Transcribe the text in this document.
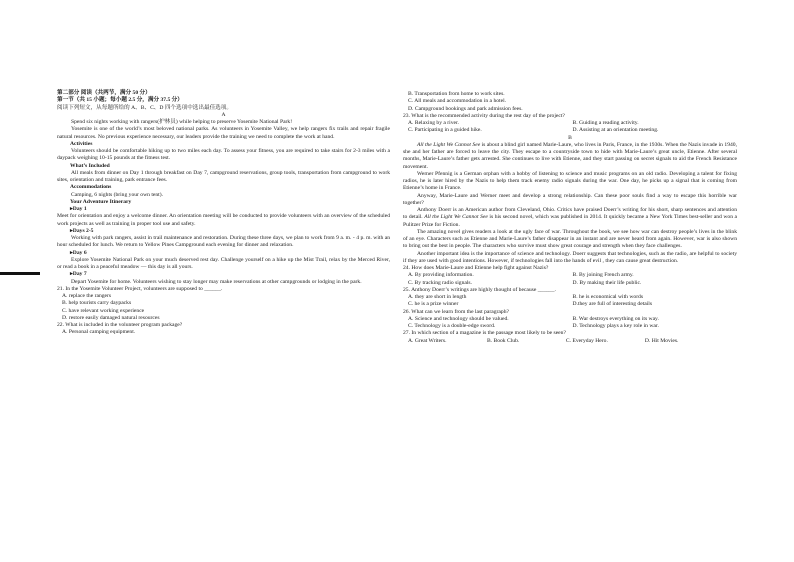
第二部分 阅读（共两节，满分 50 分）

第一节（共 15 小题；每小题 2.5 分，满分 37.5 分）

阅读下列短文，从每题所给的 A、B、C、D 四个选项中选出最佳选项。

A

Spend six nights working with rangers(护林员) while helping to preserve Yosemite National Park!

Yosemite is one of the world’s most beloved national parks. As volunteers in Yosemite Valley, we help rangers fix trails and repair fragile natural resources. No previous experience necessary, our leaders provide the training we need to complete the work at hand.

Activities

Volunteers should be comfortable hiking up to two miles each day. To assess your fitness, you are required to take stairs for 2-3 miles with a daypack weighing 10-15 pounds at the fitness test.

What’s Included

All meals from dinner on Day 1 through breakfast on Day 7, campground reservations, group tools, transportation from campground to work sites, orientation and training, park entrance fees.

Accommodations

Camping, 6 nights (bring your own tent).

Your Adventure Itinerary

▸Day 1

Meet for orientation and enjoy a welcome dinner. An orientation meeting will be conducted to provide volunteers with an overview of the scheduled work projects as well as training in proper tool use and safety.

▸Days 2-5

Working with park rangers, assist in trail maintenance and restoration. During these three days, we plan to work from 9 a. m. - 4 p. m. with an hour scheduled for lunch. We return to Yellow Pines Campground each evening for dinner and relaxation.

▸Day 6

Explore Yosemite National Park on your much deserved rest day. Challenge yourself on a hike up the Mist Trail, relax by the Merced River, or read a book in a peaceful meadow — this day is all yours.

▸Day 7

Depart Yosemite for home. Volunteers wishing to stay longer may make reservations at other campgrounds or lodging in the park.

21. In the Yosemite Volunteer Project, volunteers are supposed to ______.

A. replace the rangers

B. help tourists carry daypacks

C. have relevant working experience

D. restore easily damaged natural resources

22. What is included in the volunteer program package?

A. Personal camping equipment.

B. Transportation from home to work sites.

C. All meals and accommodation in a hotel.

D. Campground bookings and park admission fees.

23. What is the recommended activity during the rest day of the project?

A. Relaxing by a river.	B. Guiding a reading activity.
C. Participating in a guided hike.	D. Assisting at an orientation meeting.

B

All the Light We Cannot See is about a blind girl named Marie-Laure, who lives in Paris, France, in the 1930s. When the Nazis invade in 1940, she and her father are forced to leave the city. They escape to a countryside town to hide with Marie-Laure’s great uncle, Etienne. After several months, Marie-Laure’s father gets arrested. She continues to live with Etienne, and they start passing on secret signals to aid the French Resistance movement.

Werner Pfennig is a German orphan with a hobby of listening to science and music programs on an old radio. Developing a talent for fixing radios, he is later hired by the Nazis to help them track enemy radio signals during the war. One day, he picks up a signal that is coming from Etienne’s home in France.

Anyway, Marie-Laure and Werner meet and develop a strong relationship. Can these poor souls find a way to escape this horrible war together?

Anthony Doerr is an American author from Cleveland, Ohio. Critics have praised Doerr’s writing for his short, sharp sentences and attention to detail. All the Light We Cannot See is his second novel, which was published in 2014. It quickly became a New York Times best-seller and won a Pulitzer Prize for Fiction.

The amazing novel gives readers a look at the ugly face of war. Throughout the book, we see how war can destroy people’s lives in the blink of an eye. Characters such as Etienne and Marie-Laure’s father disappear in an instant and are never heard from again. However, war is also shown to bring out the best in people. The characters who survive must show great courage and strength when they face challenges.

Another important idea is the importance of science and technology. Doerr suggests that technologies, such as the radio, are helpful to society if they are used with good intentions. However, if technologies fall into the hands of evil , they can cause great destruction.

24. How does Marie-Laure and Etienne help fight against Nazis?

A. By providing information.	B. By joining French army.
C. By tracking radio signals.	D. By making their life public.

25. Anthony Doerr’s writings are highly thought of because ______.

A. they are short in length	B. he is economical with words
C. he is a prize winner	D.they are full of interesting details

26. What can we learn from the last paragraph?

A. Science and technology should be valued.	B. War destroys everything on its way.
C. Technology is a double-edge sword.	D. Technology plays a key role in war.

27. In which section of a magazine is the passage most likely to be seen?

A. Great Writers.	B. Book Club.	C. Everyday Hero.	D. Hit Movies.
